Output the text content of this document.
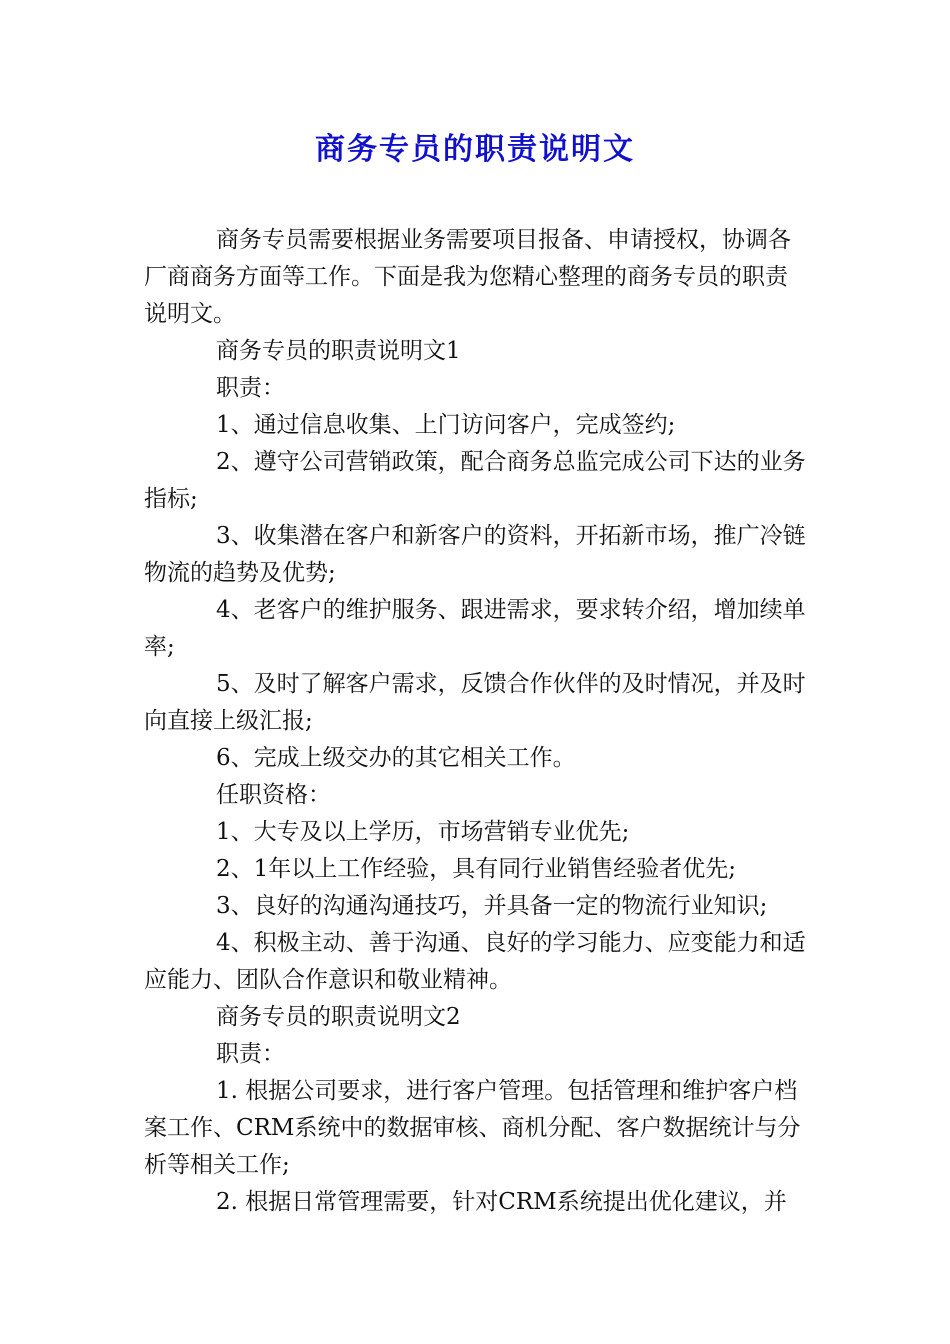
商务专员的职责说明文

商务专员需要根据业务需要项目报备、申请授权，协调各厂商商务方面等工作。下面是我为您精心整理的商务专员的职责说明文。

商务专员的职责说明文1

职责：

1、通过信息收集、上门访问客户，完成签约;

2、遵守公司营销政策，配合商务总监完成公司下达的业务指标;

3、收集潜在客户和新客户的资料，开拓新市场，推广冷链物流的趋势及优势;

4、老客户的维护服务、跟进需求，要求转介绍，增加续单率;

5、及时了解客户需求，反馈合作伙伴的及时情况，并及时向直接上级汇报;

6、完成上级交办的其它相关工作。

任职资格：

1、大专及以上学历，市场营销专业优先;

2、1年以上工作经验，具有同行业销售经验者优先;

3、良好的沟通沟通技巧，并具备一定的物流行业知识;

4、积极主动、善于沟通、良好的学习能力、应变能力和适应能力、团队合作意识和敬业精神。

商务专员的职责说明文2

职责：

1. 根据公司要求，进行客户管理。包括管理和维护客户档案工作、CRM系统中的数据审核、商机分配、客户数据统计与分析等相关工作;

2. 根据日常管理需要，针对CRM系统提出优化建议，并
